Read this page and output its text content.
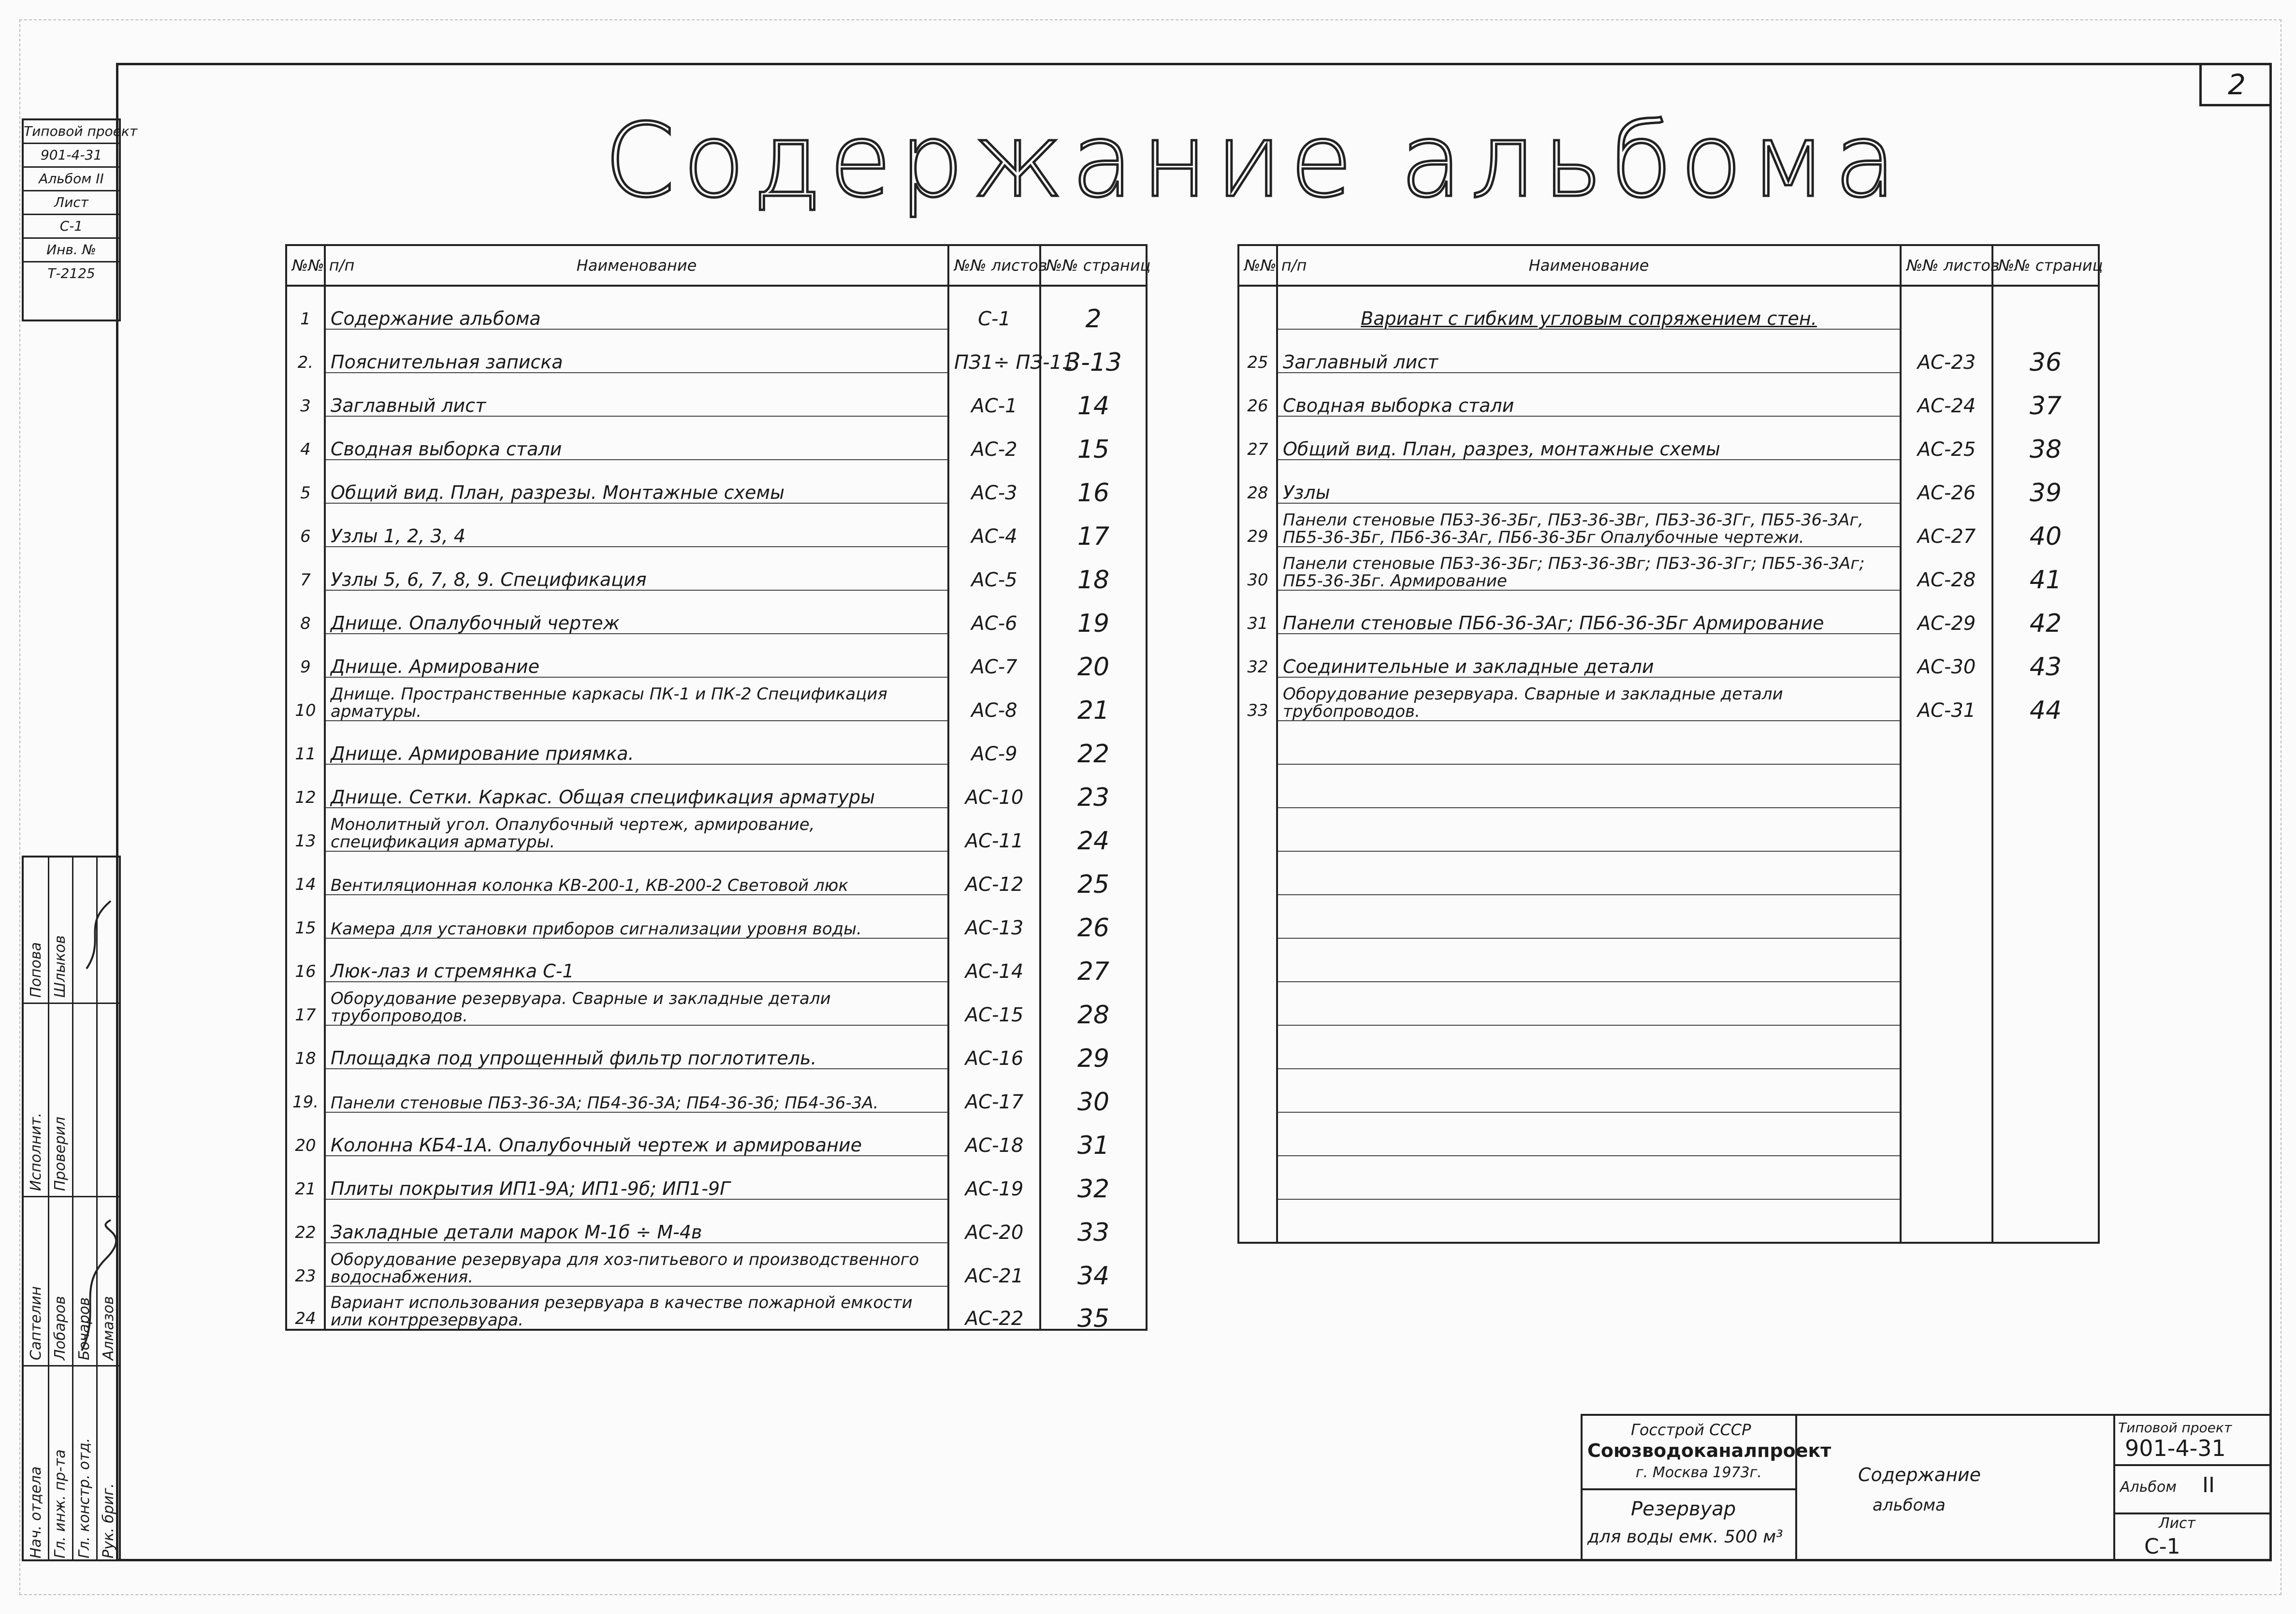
2
Содержание альбома
Типовой проект
901-4-31
Альбом II
Лист
С-1
Инв. №
Т-2125
Нач. отдела Гл. инж. пр-та Гл. констр. отд. Рук. бриг.
Саптелин Лобаров Бочаров Алмазов
Исполнит. Проверил
Попова Шлыков
№№ п/п	Наименование	№№ листов	№№ страниц
1	Содержание альбома	С-1	2
2.	Пояснительная записка	ПЗ1÷ ПЗ-11	3-13
3	Заглавный лист	АС-1	14
4	Сводная выборка стали	АС-2	15
5	Общий вид. План, разрезы. Монтажные схемы	АС-3	16
6	Узлы 1, 2, 3, 4	АС-4	17
7	Узлы 5, 6, 7, 8, 9. Спецификация	АС-5	18
8	Днище. Опалубочный чертеж	АС-6	19
9	Днище. Армирование	АС-7	20
10	Днище. Пространственные каркасы ПК-1 и ПК-2 Спецификация арматуры.	АС-8	21
11	Днище. Армирование приямка.	АС-9	22
12	Днище. Сетки. Каркас. Общая спецификация арматуры	АС-10	23
13	Монолитный угол. Опалубочный чертеж, армирование, спецификация арматуры.	АС-11	24
14	Вентиляционная колонка КВ-200-1, КВ-200-2 Световой люк	АС-12	25
15	Камера для установки приборов сигнализации уровня воды.	АС-13	26
16	Люк-лаз и стремянка С-1	АС-14	27
17	Оборудование резервуара. Сварные и закладные детали трубопроводов.	АС-15	28
18	Площадка под упрощенный фильтр поглотитель.	АС-16	29
19.	Панели стеновые ПБ3-36-3А; ПБ4-36-3А; ПБ4-36-3б; ПБ4-36-3А.	АС-17	30
20	Колонна КБ4-1А. Опалубочный чертеж и армирование	АС-18	31
21	Плиты покрытия ИП1-9А; ИП1-9б; ИП1-9Г	АС-19	32
22	Закладные детали марок М-1б ÷ М-4в	АС-20	33
23	Оборудование резервуара для хоз-питьевого и производственного водоснабжения.	АС-21	34
24	Вариант использования резервуара в качестве пожарной емкости или контррезервуара.	АС-22	35
№№ п/п	Наименование	№№ листов	№№ страниц
	Вариант с гибким угловым сопряжением стен.		
25	Заглавный лист	АС-23	36
26	Сводная выборка стали	АС-24	37
27	Общий вид. План, разрез, монтажные схемы	АС-25	38
28	Узлы	АС-26	39
29	Панели стеновые ПБ3-36-3Бг, ПБ3-36-3Вг, ПБ3-36-3Гг, ПБ5-36-3Аг, ПБ5-36-3Бг, ПБ6-36-3Аг, ПБ6-36-3Бг Опалубочные чертежи.	АС-27	40
30	Панели стеновые ПБ3-36-3Бг; ПБ3-36-3Вг; ПБ3-36-3Гг; ПБ5-36-3Аг; ПБ5-36-3Бг. Армирование	АС-28	41
31	Панели стеновые ПБ6-36-3Аг; ПБ6-36-3Бг Армирование	АС-29	42
32	Соединительные и закладные детали	АС-30	43
33	Оборудование резервуара. Сварные и закладные детали трубопроводов.	АС-31	44

Госстрой СССР
Союзводоканалпроект
г. Москва 1973г.
Резервуар
для воды емк. 500 м³
Содержание
альбома
Типовой проект
901-4-31
Альбом II
Лист
С-1
